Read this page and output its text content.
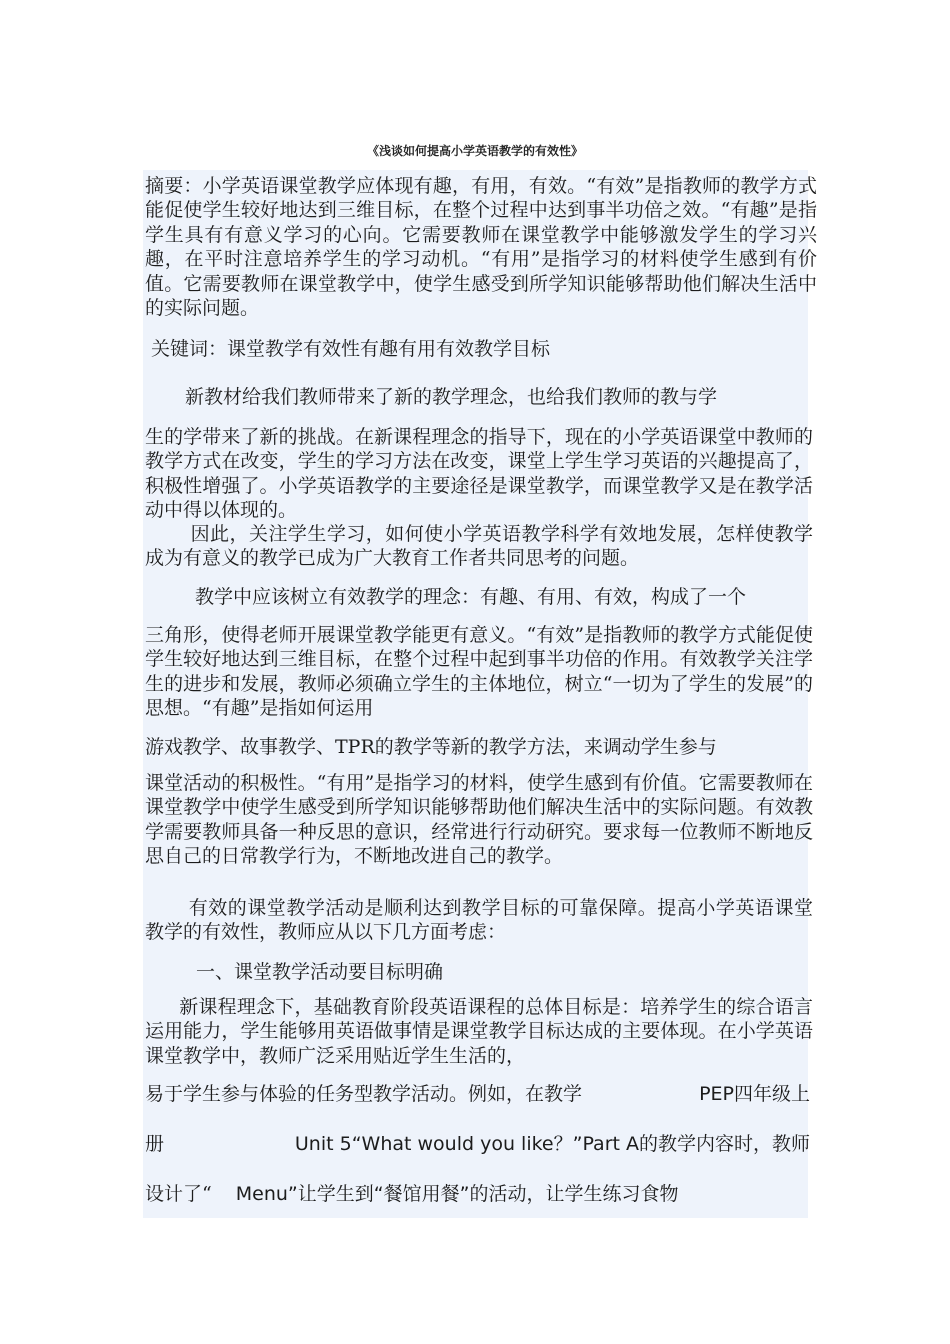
《浅谈如何提高小学英语教学的有效性》

摘要：小学英语课堂教学应体现有趣，有用，有效。“有效”是指教师的教学方式能促使学生较好地达到三维目标，在整个过程中达到事半功倍之效。“有趣”是指学生具有有意义学习的心向。它需要教师在课堂教学中能够激发学生的学习兴趣，在平时注意培养学生的学习动机。“有用”是指学习的材料使学生感到有价值。它需要教师在课堂教学中，使学生感受到所学知识能够帮助他们解决生活中的实际问题。

关键词：课堂教学有效性有趣有用有效教学目标

新教材给我们教师带来了新的教学理念，也给我们教师的教与学

生的学带来了新的挑战。在新课程理念的指导下，现在的小学英语课堂中教师的教学方式在改变，学生的学习方法在改变，课堂上学生学习英语的兴趣提高了，积极性增强了。小学英语教学的主要途径是课堂教学，而课堂教学又是在教学活动中得以体现的。

因此，关注学生学习，如何使小学英语教学科学有效地发展，怎样使教学成为有意义的教学已成为广大教育工作者共同思考的问题。

教学中应该树立有效教学的理念：有趣、有用、有效，构成了一个

三角形，使得老师开展课堂教学能更有意义。“有效”是指教师的教学方式能促使学生较好地达到三维目标，在整个过程中起到事半功倍的作用。有效教学关注学生的进步和发展，教师必须确立学生的主体地位，树立“一切为了学生的发展”的思想。“有趣”是指如何运用

游戏教学、故事教学、TPR的教学等新的教学方法，来调动学生参与

课堂活动的积极性。“有用”是指学习的材料，使学生感到有价值。它需要教师在课堂教学中使学生感受到所学知识能够帮助他们解决生活中的实际问题。有效教学需要教师具备一种反思的意识，经常进行行动研究。要求每一位教师不断地反思自己的日常教学行为，不断地改进自己的教学。

有效的课堂教学活动是顺利达到教学目标的可靠保障。提高小学英语课堂教学的有效性，教师应从以下几方面考虑：

一、课堂教学活动要目标明确

新课程理念下，基础教育阶段英语课程的总体目标是：培养学生的综合语言运用能力，学生能够用英语做事情是课堂教学目标达成的主要体现。在小学英语课堂教学中，教师广泛采用贴近学生生活的，

易于学生参与体验的任务型教学活动。例如，在教学	PEP四年级上

册	Unit 5“What would you like？”Part A的教学内容时，教师

设计了“ Menu”让学生到“餐馆用餐”的活动，让学生练习食物
